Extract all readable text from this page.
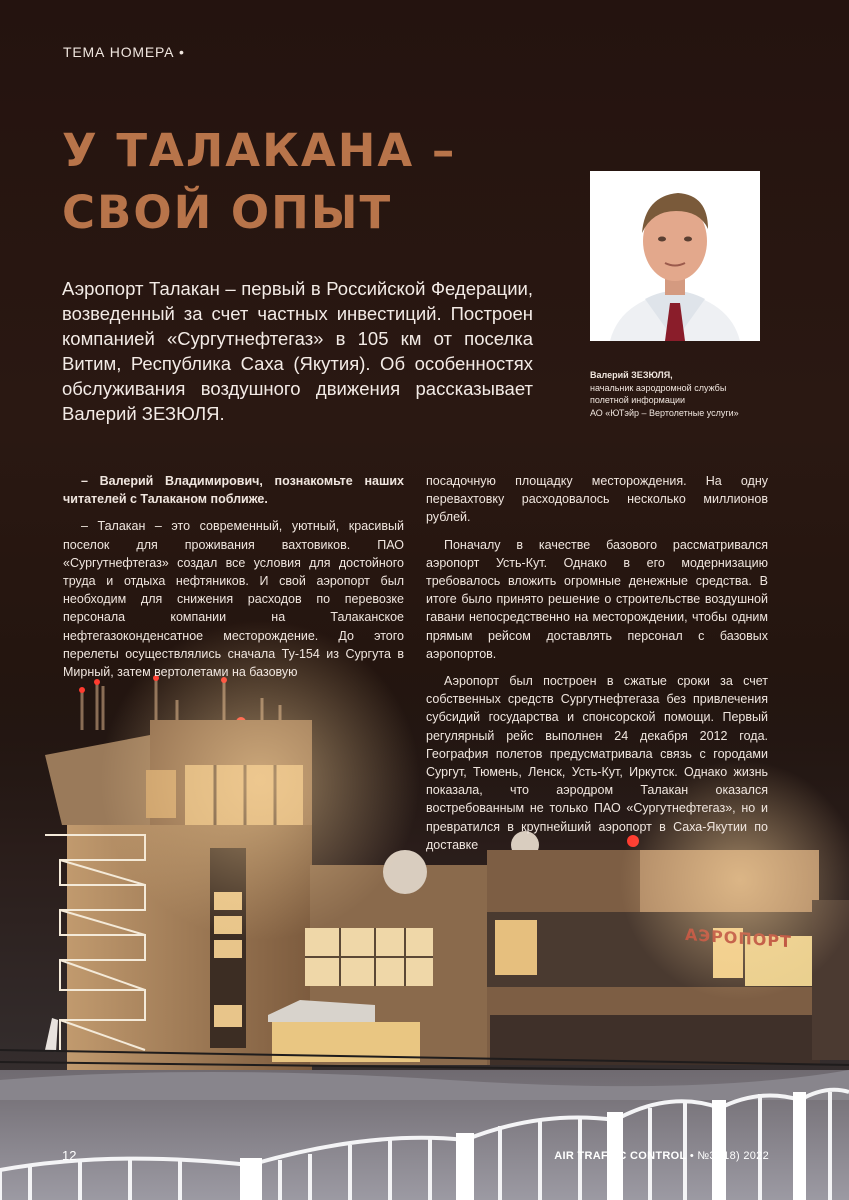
ТЕМА НОМЕРА •
У ТАЛАКАНА –
СВОЙ ОПЫТ

Аэропорт Талакан – первый в Российской Федерации, возведенный за счет частных инвестиций. Построен компанией «Сургутнефтегаз» в 105 км от поселка Витим, Республика Саха (Якутия). Об особенностях обслуживания воздушного движения рассказывает Валерий ЗЕЗЮЛЯ.

Валерий ЗЕЗЮЛЯ,
начальник аэродромной службы
полетной информации
АО «ЮТэйр – Вертолетные услуги»

– Валерий Владимирович, познакомьте наших читателей с Талаканом поближе.

– Талакан – это современный, уютный, красивый поселок для проживания вахтовиков. ПАО «Сургутнефтегаз» создал все условия для достойного труда и отдыха нефтяников. И свой аэропорт был необходим для снижения расходов по перевозке персонала компании на Талаканское нефтегазоконденсатное месторождение. До этого перелеты осуществлялись сначала Ту-154 из Сургута в Мирный, затем вертолетами на базовую

посадочную площадку месторождения. На одну перевахтовку расходовалось несколько миллионов рублей.

Поначалу в качестве базового рассматривался аэропорт Усть-Кут. Однако в его модернизацию требовалось вложить огромные денежные средства. В итоге было принято решение о строительстве воздушной гавани непосредственно на месторождении, чтобы одним прямым рейсом доставлять персонал с базовых аэропортов.

Аэропорт был построен в сжатые сроки за счет собственных средств Сургутнефтегаза без привлечения субсидий государства и спонсорской помощи. Первый регулярный рейс выполнен 24 декабря 2012 года. География полетов предусматривала связь с городами Сургут, Тюмень, Ленск, Усть-Кут, Иркутск. Однако жизнь показала, что аэродром Талакан оказался востребованным не только ПАО «Сургутнефтегаз», но и превратился в крупнейший аэропорт в Саха-Якутии по доставке

12	AIR TRAFFIC CONTROL • №3 (18) 2022
